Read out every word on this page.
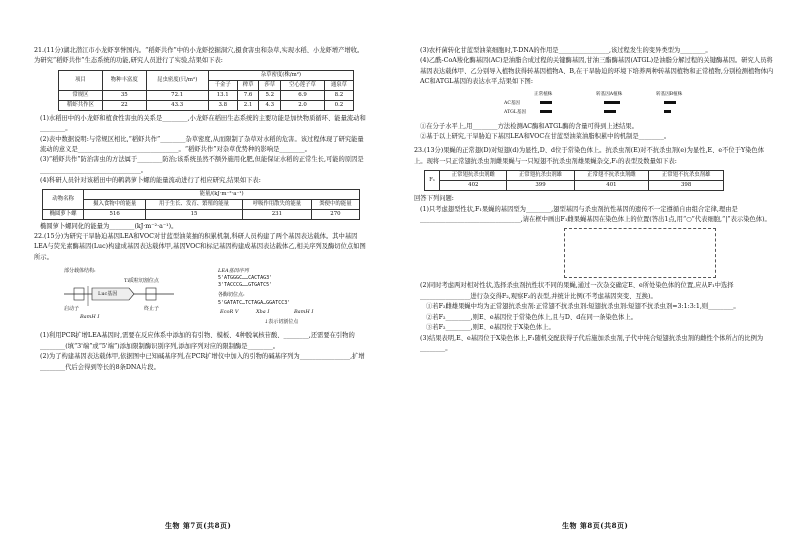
21.(11分)湖北潜江市小龙虾享誉国内。“稻虾共作”中的小龙虾挖掘洞穴,摄食害虫和杂草,实现水稻、小龙虾增产增收。为研究“稻虾共作”生态系统的功能,研究人员进行了实验,结果如下表:

项目	物种丰富度	昆虫密度(只/m²)	杂草密度(株/m²)				
			千金子	稗草	莎草	空心莲子草	通泉草
常规区	35	72.1	13.1	7.6	5.2	6.9	8.2
稻虾共作区	22	43.3	3.8	2.1	4.3	2.0	0.2

(1)水稻田中的小龙虾和植食性害虫的关系是________,小龙虾在稻田生态系统的主要功能是加快物质循环、能量流动和________。

(2)表中数据说明:与常规区相比,“稻虾共作”________杂草密度,从而限制了杂草对水稻的危害。该过程体现了研究能量流动的意义是________________________________。“稻虾共作”对杂草优势种的影响是________。

(3)“稻虾共作”防治害虫的方法属于________防治;该系统虽然不额外施用化肥,但能保证水稻的正常生长,可能的原因是________________________________。

(4)科研人员针对该稻田中的鹌鹑萝卜螺的能量流动进行了相应研究,结果如下表:

动物名称	能量/(kJ·m⁻²·a⁻¹)			
	摄入食物中的能量	用于生长、发育、繁殖的能量	呼吸作用散失的能量	粪便中的能量
椭圆萝卜螺	516	15	231	270

椭圆萝卜螺同化的能量为________(kJ·m⁻²·a⁻¹)。

22.(15分)为研究干旱胁迫基因LEA和VOC对甘蓝型油菜抽的积累机制,科研人员构建了两个基因表达载体。其中基因LEA与荧光素酶基因(Luc)构建成基因表达载体甲,基因VOC和标记基因构建成基因表达载体乙,相关序列及酶切位点如图所示。

部分载体结构:
Ti质粒切割位点
Luc基因
启动子
BamH I
终止子
LEA基因序列
5'ATGGGC……CACTAG3'
3'TACCCG……GTGATC5'
各酶切位点:
5'GATATC…TCTAGA…GGATCC3'
EcoR V	Xba I	BamH I
↓表示切割位点

(1)利用PCR扩增LEA基因时,需要在反应体系中添加的有引物、模板、4种脱氧核苷酸、________,还需要在引物的________(填“3'端”或“5'端”)添加限制酶识别序列,添加序列对应的限制酶是________。

(2)为了构建基因表达载体甲,依据图中已知碱基序列,在PCR扩增仪中加入的引物的碱基序列为________________,扩增________代后会得到等长的8条DNA片段。

生物 第7页(共8页)

(3)农杆菌转化甘蓝型油菜细胞时,T-DNA的作用是________________,该过程发生的变异类型为________。

(4)乙酰-CoA羧化酶基因(AC)是油脂合成过程的关键酶基因,甘油三酯酶基因(ATGL)是油脂分解过程的关键酶基因。研究人员将基因表达载体甲、乙分别导入植物获得转基因植物A、B,在干旱胁迫的环境下培养两种转基因植物和正常植物,分别检测植物体内AC和ATGL基因的表达水平,结果如下图:

正常植株	转基因A植株	转基因B植株
AC基因
ATGL基因

①在分子水平上,用________方法检测AC酶和ATGL酶的含量可得到上述结果。

②基于以上研究,干旱胁迫下基因LEA和VOC在甘蓝型油菜油脂积累中的机制是________。

23.(13分)果蝇的正常翅(D)对短翅(d)为显性,D、d位于常染色体上。抗杀虫剂(E)对不抗杀虫剂(e)为显性,E、e不位于Y染色体上。现将一只正常翅抗杀虫剂雌果蝇与一只短翅不抗杀虫剂雄果蝇杂交,F₁的表型及数量如下表:

F₁	正常翅抗杀虫剂雌	正常翅抗杀虫剂雄	正常翅不抗杀虫剂雌	正常翅不抗杀虫剂雄
	402	399	401	398

回答下列问题:

(1)只考虑翅型性状,F₁果蝇的基因型为________,翅型基因与杀虫剂抗性基因的遗传不一定遵循自由组合定律,理由是________________________________,请在框中画出F₁雌果蝇基因在染色体上的位置(答出1点,用“○”代表细胞,“|”表示染色体)。

(2)同时考虑两对相对性状,选择杀虫剂抗性状不同的果蝇,通过一次杂交确定E、e所处染色体的位置,应从F₁中选择________________进行杂交得F₂,观察F₂的表型,并统计比例(不考虑基因突变、互换)。

①若F₂雌雄果蝇中均为正常翅抗杀虫剂:正常翅不抗杀虫剂:短翅抗杀虫剂:短翅不抗杀虫剂=3:1:3:1,则________。

②若F₂________,则E、e基因位于常染色体上,且与D、d在同一条染色体上。

③若F₂________,则E、e基因位于X染色体上。

(3)结果表明,E、e基因位于X染色体上,F₁随机交配获得子代后施加杀虫剂,子代中纯合短翅抗杀虫剂的雌性个体所占的比例为________。

生物 第8页(共8页)
